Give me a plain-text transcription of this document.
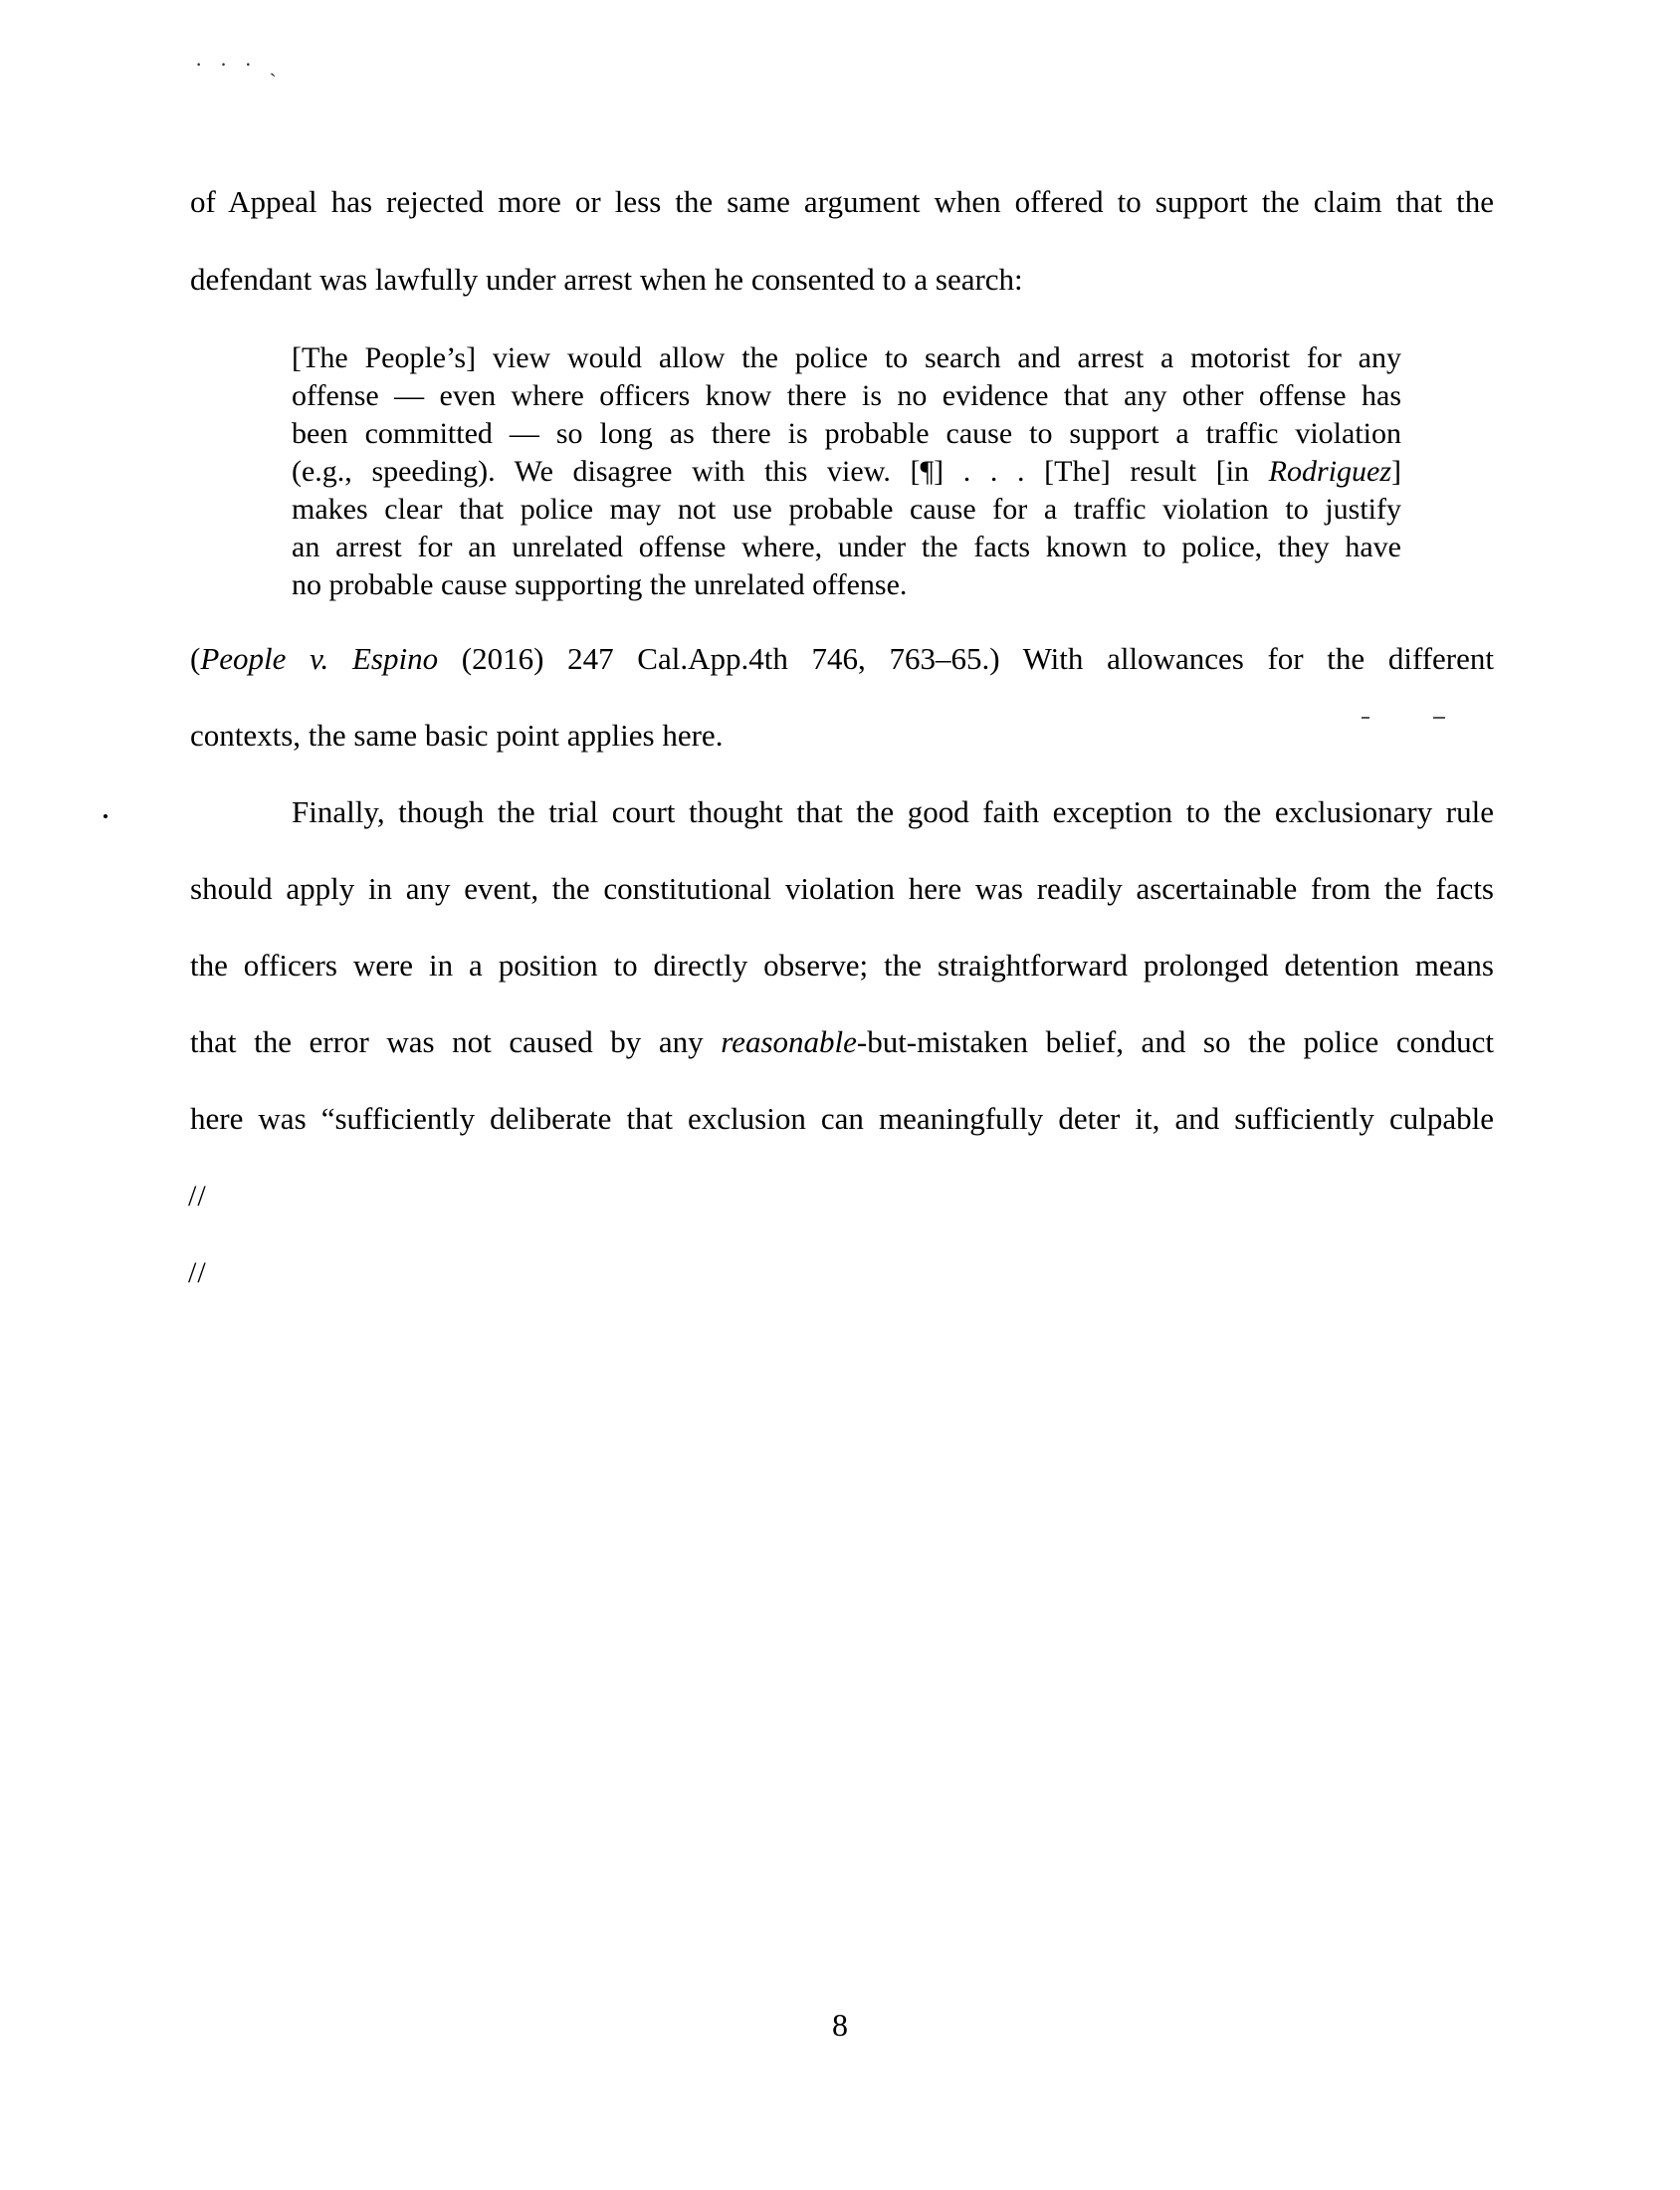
· · · ˎ
of Appeal has rejected more or less the same argument when offered to support the claim that the
defendant was lawfully under arrest when he consented to a search:
[The People’s] view would allow the police to search and arrest a motorist for any
offense — even where officers know there is no evidence that any other offense has
been committed — so long as there is probable cause to support a traffic violation
(e.g., speeding). We disagree with this view. [¶] . . . [The] result [in Rodriguez]
makes clear that police may not use probable cause for a traffic violation to justify
an arrest for an unrelated offense where, under the facts known to police, they have
no probable cause supporting the unrelated offense.
(People v. Espino (2016) 247 Cal.App.4th 746, 763–65.) With allowances for the different
contexts, the same basic point applies here.
Finally, though the trial court thought that the good faith exception to the exclusionary rule
should apply in any event, the constitutional violation here was readily ascertainable from the facts
the officers were in a position to directly observe; the straightforward prolonged detention means
that the error was not caused by any reasonable-but-mistaken belief, and so the police conduct
here was “sufficiently deliberate that exclusion can meaningfully deter it, and sufficiently culpable
//
//
8
